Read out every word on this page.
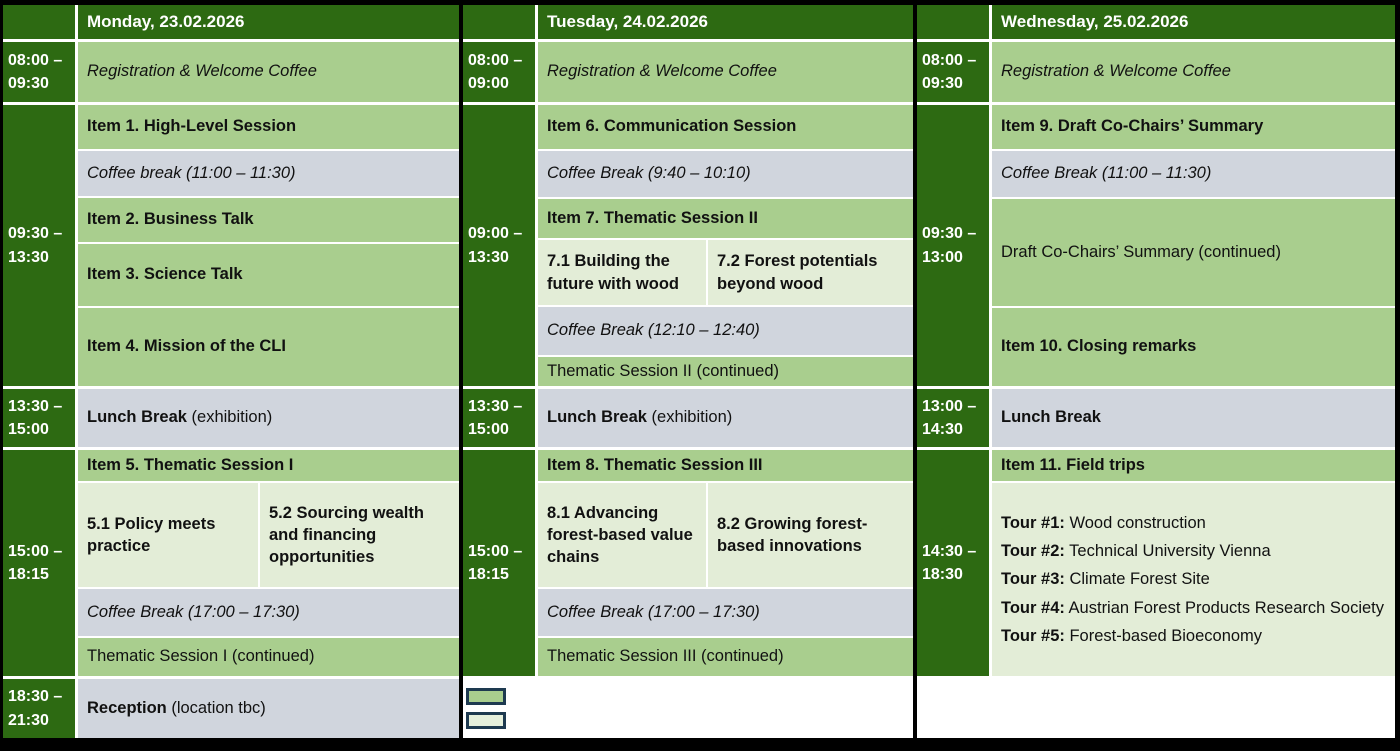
Monday, 23.02.2026
08:00 –
09:30
Registration & Welcome Coffee
09:30 –
13:30
Item 1. High-Level Session
Coffee break (11:00 – 11:30)
Item 2. Business Talk
Item 3. Science Talk
Item 4. Mission of the CLI
13:30 –
15:00
Lunch Break (exhibition)
15:00 –
18:15
Item 5. Thematic Session I
5.1 Policy meets practice
5.2 Sourcing wealth and financing opportunities
Coffee Break (17:00 – 17:30)
Thematic Session I (continued)
18:30 –
21:30
Reception (location tbc)
Tuesday, 24.02.2026
08:00 –
09:00
Registration & Welcome Coffee
09:00 –
13:30
Item 6. Communication Session
Coffee Break (9:40 – 10:10)
Item 7. Thematic Session II
7.1 Building the future with wood
7.2 Forest potentials beyond wood
Coffee Break (12:10 – 12:40)
Thematic Session II (continued)
13:30 –
15:00
Lunch Break (exhibition)
15:00 –
18:15
Item 8. Thematic Session III
8.1 Advancing forest-based value chains
8.2 Growing forest-based innovations
Coffee Break (17:00 – 17:30)
Thematic Session III (continued)
Wednesday, 25.02.2026
08:00 –
09:30
Registration & Welcome Coffee
09:30 –
13:00
Item 9. Draft Co-Chairs’ Summary
Coffee Break (11:00 – 11:30)
Draft Co-Chairs’ Summary (continued)
Item 10. Closing remarks
13:00 –
14:30
Lunch Break
14:30 –
18:30
Item 11. Field trips
Tour #1: Wood construction
Tour #2: Technical University Vienna
Tour #3: Climate Forest Site
Tour #4: Austrian Forest Products Research Society
Tour #5: Forest-based Bioeconomy
